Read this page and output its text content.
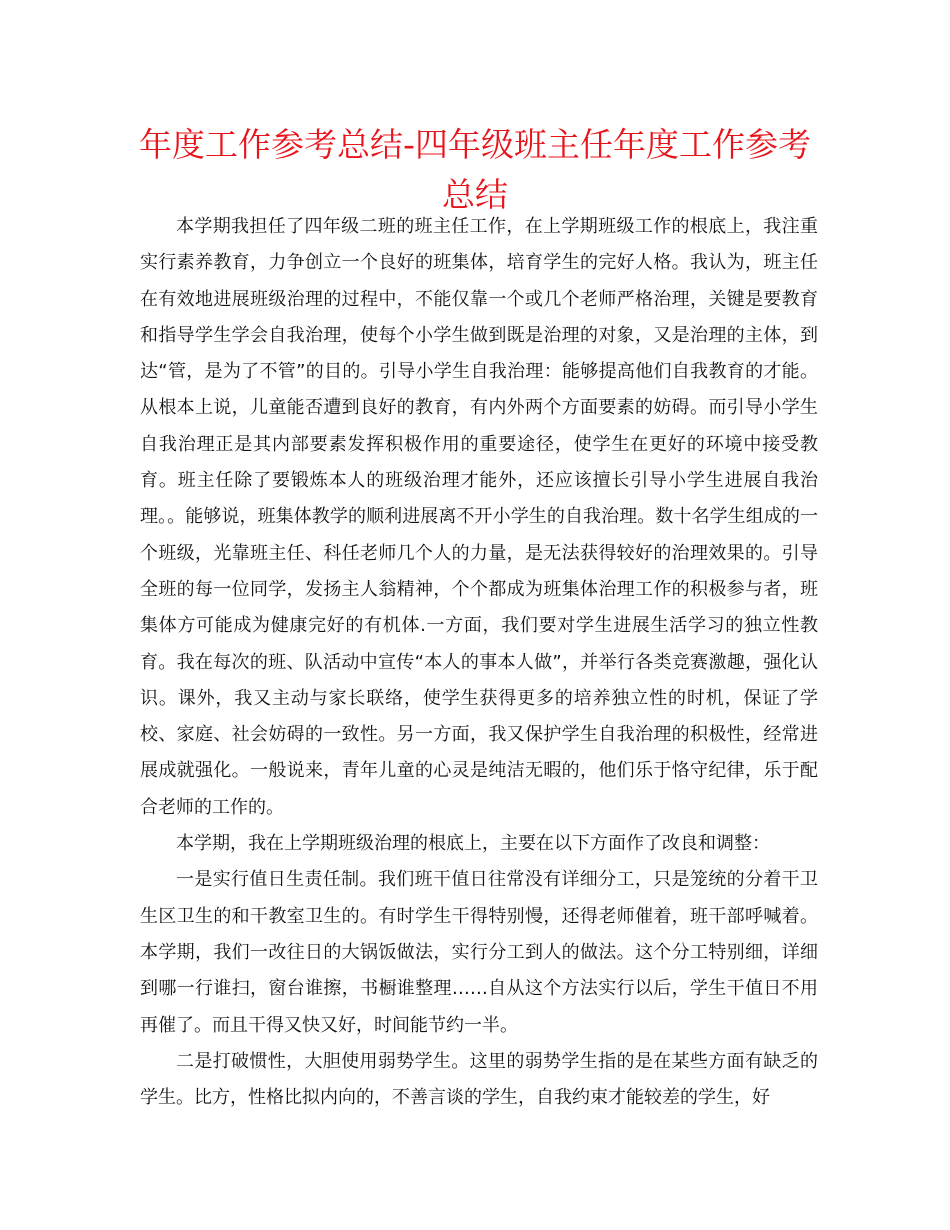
年度工作参考总结-四年级班主任年度工作参考总结

本学期我担任了四年级二班的班主任工作，在上学期班级工作的根底上，我注重实行素养教育，力争创立一个良好的班集体，培育学生的完好人格。我认为，班主任在有效地进展班级治理的过程中，不能仅靠一个或几个老师严格治理，关键是要教育和指导学生学会自我治理，使每个小学生做到既是治理的对象，又是治理的主体，到达“管，是为了不管”的目的。引导小学生自我治理：能够提高他们自我教育的才能。从根本上说，儿童能否遭到良好的教育，有内外两个方面要素的妨碍。而引导小学生自我治理正是其内部要素发挥积极作用的重要途径，使学生在更好的环境中接受教育。班主任除了要锻炼本人的班级治理才能外，还应该擅长引导小学生进展自我治理。。能够说，班集体教学的顺利进展离不开小学生的自我治理。数十名学生组成的一个班级，光靠班主任、科任老师几个人的力量，是无法获得较好的治理效果的。引导全班的每一位同学，发扬主人翁精神，个个都成为班集体治理工作的积极参与者，班集体方可能成为健康完好的有机体.一方面，我们要对学生进展生活学习的独立性教育。我在每次的班、队活动中宣传“本人的事本人做”，并举行各类竞赛激趣，强化认识。课外，我又主动与家长联络，使学生获得更多的培养独立性的时机，保证了学校、家庭、社会妨碍的一致性。另一方面，我又保护学生自我治理的积极性，经常进展成就强化。一般说来，青年儿童的心灵是纯洁无暇的，他们乐于恪守纪律，乐于配合老师的工作的。

本学期，我在上学期班级治理的根底上，主要在以下方面作了改良和调整：

一是实行值日生责任制。我们班干值日往常没有详细分工，只是笼统的分着干卫生区卫生的和干教室卫生的。有时学生干得特别慢，还得老师催着，班干部呼喊着。本学期，我们一改往日的大锅饭做法，实行分工到人的做法。这个分工特别细，详细到哪一行谁扫，窗台谁擦，书橱谁整理……自从这个方法实行以后，学生干值日不用再催了。而且干得又快又好，时间能节约一半。

二是打破惯性，大胆使用弱势学生。这里的弱势学生指的是在某些方面有缺乏的学生。比方，性格比拟内向的，不善言谈的学生，自我约束才能较差的学生，好
